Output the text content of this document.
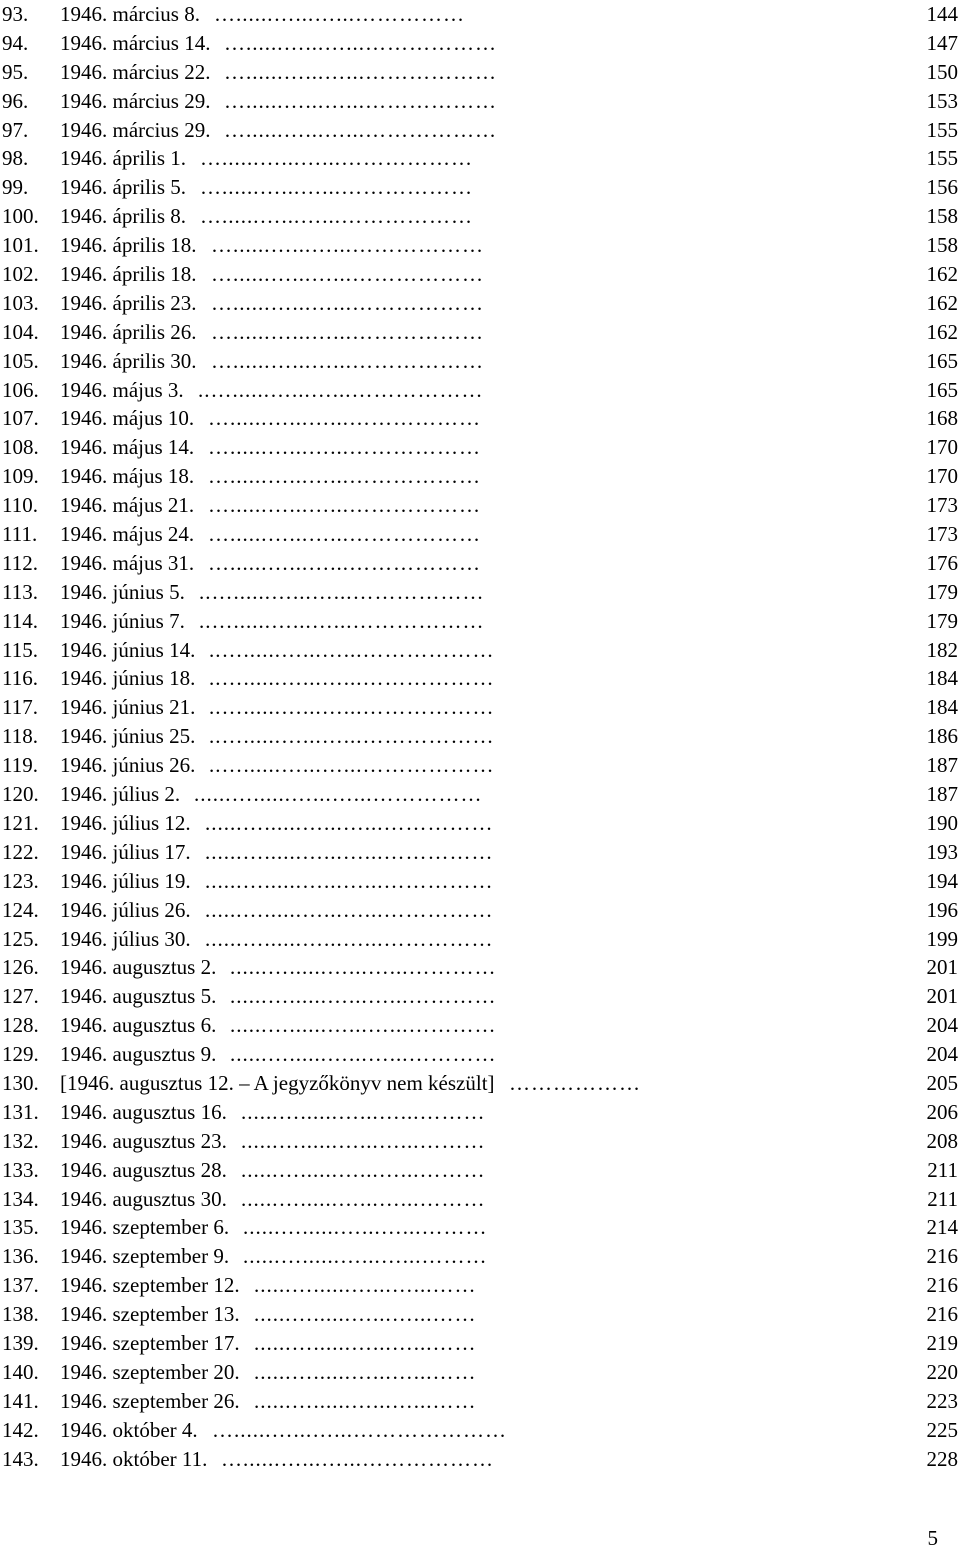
93. 1946. március 8. …......…...…...……………	144
94. 1946. március 14. …......…...…...………………	147
95. 1946. március 22. …......…...…...………………	150
96. 1946. március 29. …......…...…...………………	153
97. 1946. március 29. …......…...…...………………	155
98. 1946. április 1. …......…...…...………………	155
99. 1946. április 5. …......…...…...………………	156
100. 1946. április 8. …......…...…...………………	158
101. 1946. április 18. …......…...…...………………	158
102. 1946. április 18. …......…...…...………………	162
103. 1946. április 23. …......…...…...………………	162
104. 1946. április 26. …......…...…...………………	162
105. 1946. április 30. …......…...…...………………	165
106. 1946. május 3. ..…......…...…...………………	165
107. 1946. május 10. …......…...…...………………	168
108. 1946. május 14. …......…...…...………………	170
109. 1946. május 18. …......…...…...………………	170
110. 1946. május 21. …......…...…...………………	173
111. 1946. május 24. …......…...…...………………	173
112. 1946. május 31. …......…...…...………………	176
113. 1946. június 5. ..…......…...…...………………	179
114. 1946. június 7. ..…......…...…...………………	179
115. 1946. június 14. ..…......…...…...………………	182
116. 1946. június 18. ..…......…...…...………………	184
117. 1946. június 21. ..…......…...…...………………	184
118. 1946. június 25. ..…......…...…...………………	186
119. 1946. június 26. ..…......…...…...………………	187
120. 1946. július 2. ......…......…...…...……………	187
121. 1946. július 12. ......…......…...…...……………	190
122. 1946. július 17. ......…......…...…...……………	193
123. 1946. július 19. ......…......…...…...……………	194
124. 1946. július 26. ......…......…...…...……………	196
125. 1946. július 30. ......…......…...…...……………	199
126. 1946. augusztus 2. ......…......…...…...…………	201
127. 1946. augusztus 5. ......…......…...…...…………	201
128. 1946. augusztus 6. ......…......…...…...…………	204
129. 1946. augusztus 9. ......…......…...…...…………	204
130. [1946. augusztus 12. – A jegyzőkönyv nem készült] ………………	205
131. 1946. augusztus 16. ......…......…...…...………	206
132. 1946. augusztus 23. ......…......…...…...………	208
133. 1946. augusztus 28. ......…......…...…...………	211
134. 1946. augusztus 30. ......…......…...…...………	211
135. 1946. szeptember 6. ......…......…...…...………	214
136. 1946. szeptember 9. ......…......…...…...………	216
137. 1946. szeptember 12. ......…......…...…...……	216
138. 1946. szeptember 13. ......…......…...…...……	216
139. 1946. szeptember 17. ......…......…...…...……	219
140. 1946. szeptember 20. ......…......…...…...……	220
141. 1946. szeptember 26. ......…......…...…...……	223
142. 1946. október 4. …......…...…...…………………	225
143. 1946. október 11. …......…...…...………………	228
5
